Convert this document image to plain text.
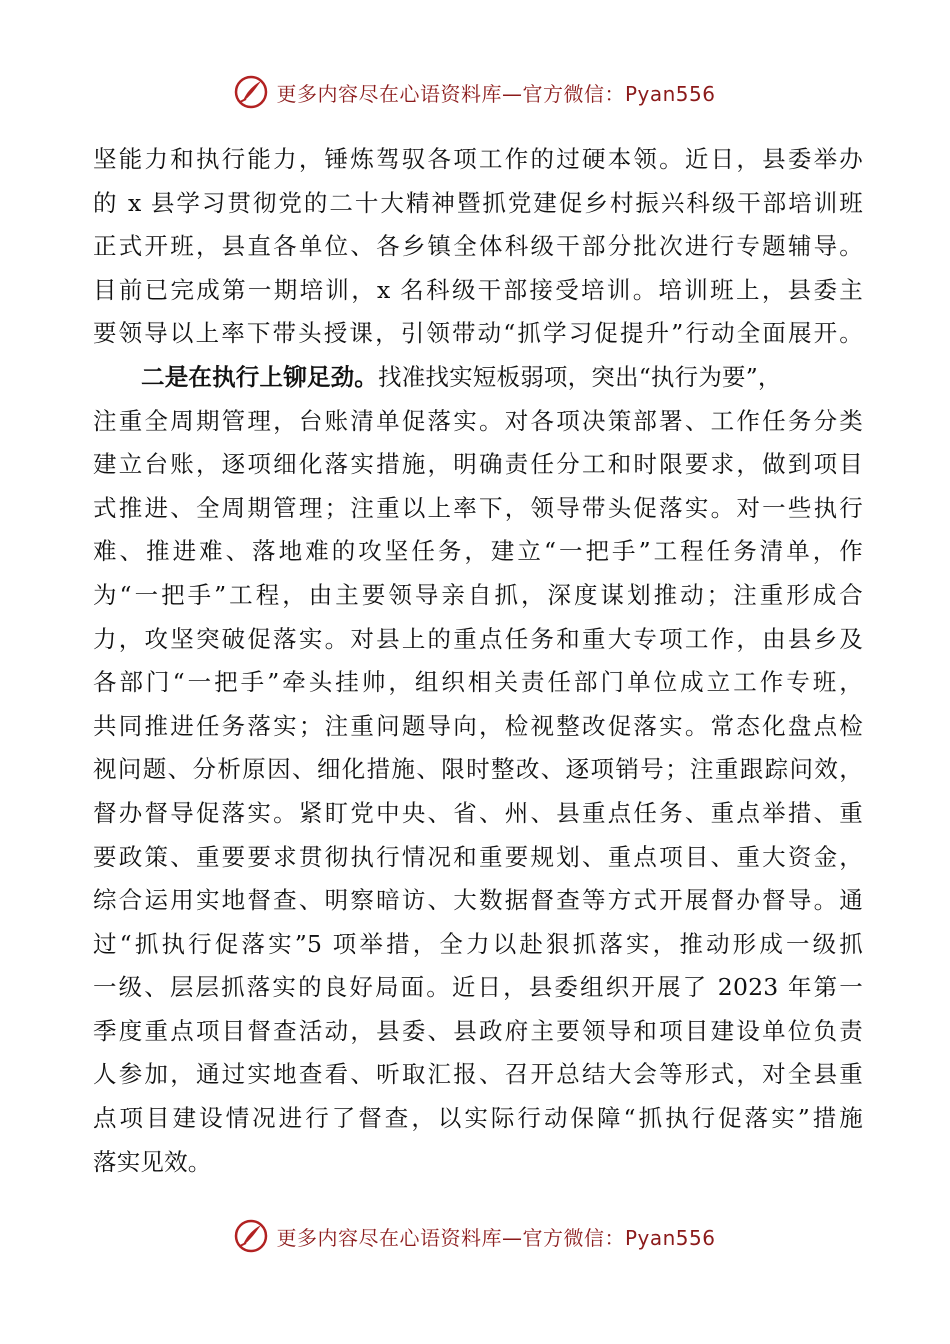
更多内容尽在心语资料库—官方微信：Pyan556
坚能力和执行能力，锤炼驾驭各项工作的过硬本领。近日，县委举办
的 x 县学习贯彻党的二十大精神暨抓党建促乡村振兴科级干部培训班
正式开班，县直各单位、各乡镇全体科级干部分批次进行专题辅导。
目前已完成第一期培训，x 名科级干部接受培训。培训班上，县委主
要领导以上率下带头授课，引领带动“抓学习促提升”行动全面展开。
二是在执行上铆足劲。找准找实短板弱项，突出“执行为要”，
注重全周期管理，台账清单促落实。对各项决策部署、工作任务分类
建立台账，逐项细化落实措施，明确责任分工和时限要求，做到项目
式推进、全周期管理；注重以上率下，领导带头促落实。对一些执行
难、推进难、落地难的攻坚任务，建立“一把手”工程任务清单，作
为“一把手”工程，由主要领导亲自抓，深度谋划推动；注重形成合
力，攻坚突破促落实。对县上的重点任务和重大专项工作，由县乡及
各部门“一把手”牵头挂帅，组织相关责任部门单位成立工作专班，
共同推进任务落实；注重问题导向，检视整改促落实。常态化盘点检
视问题、分析原因、细化措施、限时整改、逐项销号；注重跟踪问效，
督办督导促落实。紧盯党中央、省、州、县重点任务、重点举措、重
要政策、重要要求贯彻执行情况和重要规划、重点项目、重大资金，
综合运用实地督查、明察暗访、大数据督查等方式开展督办督导。通
过“抓执行促落实”5 项举措，全力以赴狠抓落实，推动形成一级抓
一级、层层抓落实的良好局面。近日，县委组织开展了 2023 年第一
季度重点项目督查活动，县委、县政府主要领导和项目建设单位负责
人参加，通过实地查看、听取汇报、召开总结大会等形式，对全县重
点项目建设情况进行了督查，以实际行动保障“抓执行促落实”措施
落实见效。
更多内容尽在心语资料库—官方微信：Pyan556
